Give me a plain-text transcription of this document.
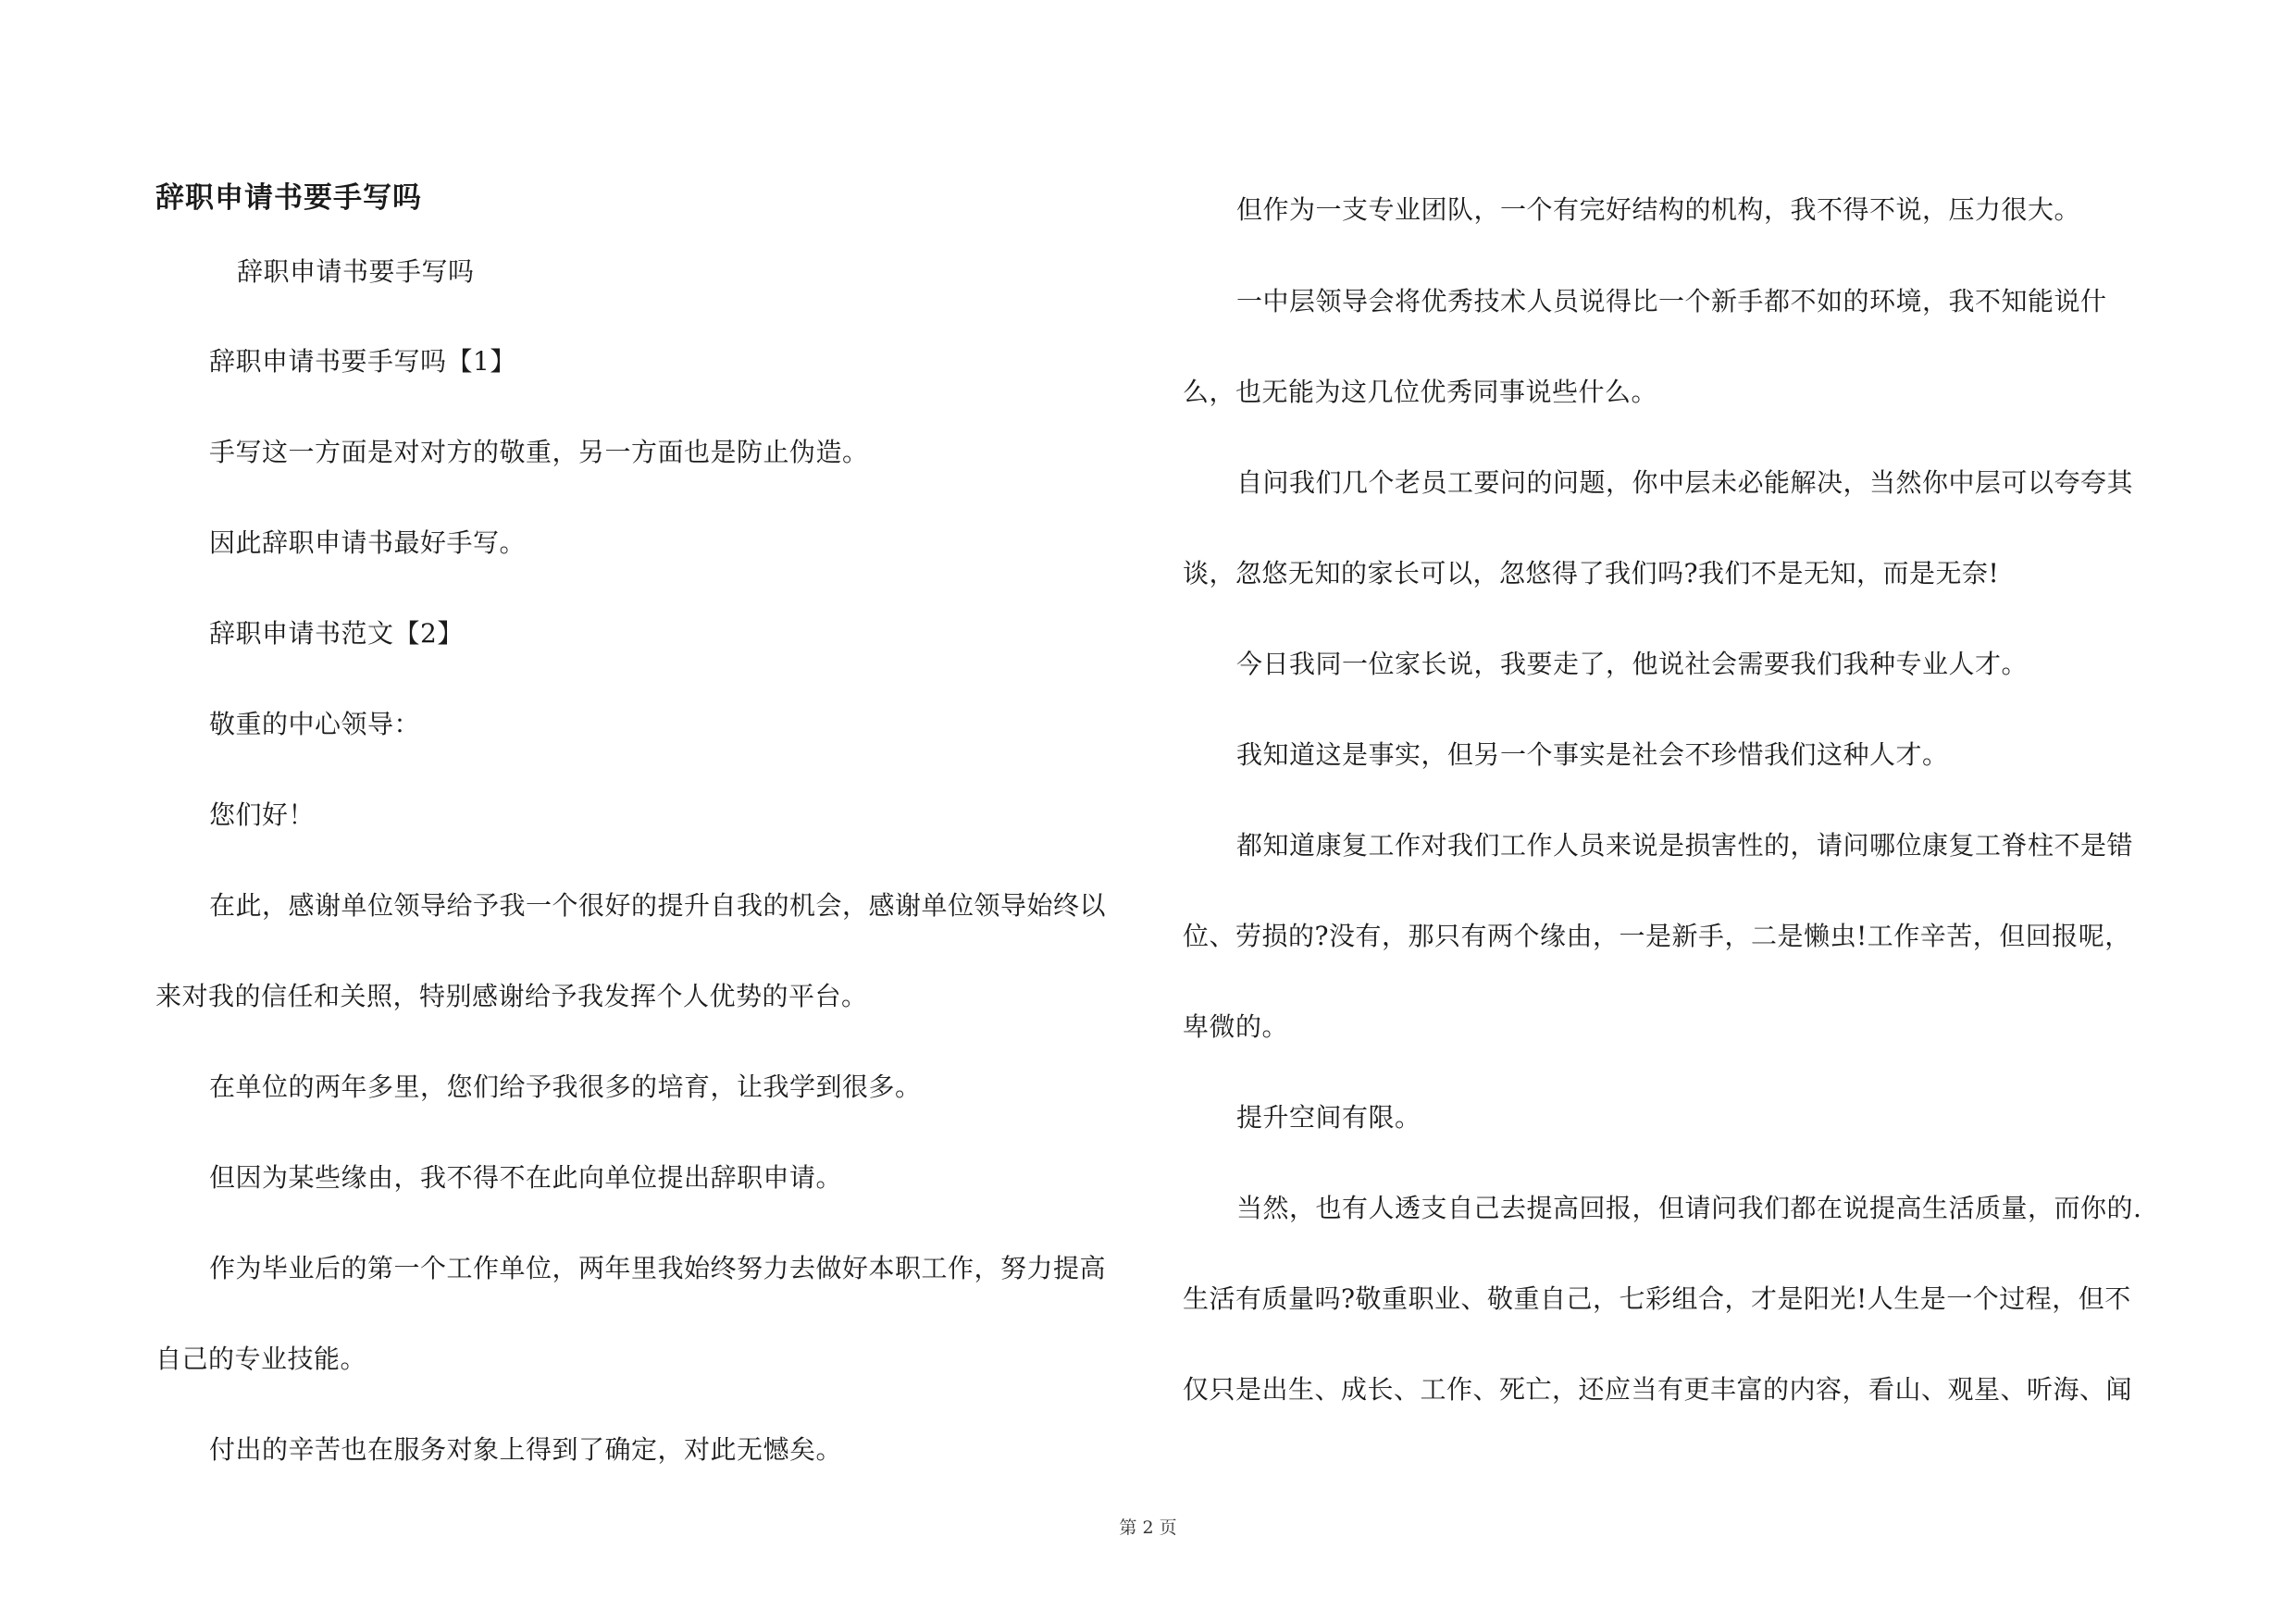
辞职申请书要手写吗
辞职申请书要手写吗
辞职申请书要手写吗【1】
手写这一方面是对对方的敬重，另一方面也是防止伪造。
因此辞职申请书最好手写。
辞职申请书范文【2】
敬重的中心领导：
您们好！
在此，感谢单位领导给予我一个很好的提升自我的机会，感谢单位领导始终以
来对我的信任和关照，特别感谢给予我发挥个人优势的平台。
在单位的两年多里，您们给予我很多的培育，让我学到很多。
但因为某些缘由，我不得不在此向单位提出辞职申请。
作为毕业后的第一个工作单位，两年里我始终努力去做好本职工作，努力提高
自己的专业技能。
付出的辛苦也在服务对象上得到了确定，对此无憾矣。
但作为一支专业团队，一个有完好结构的机构，我不得不说，压力很大。
一中层领导会将优秀技术人员说得比一个新手都不如的环境，我不知能说什
么，也无能为这几位优秀同事说些什么。
自问我们几个老员工要问的问题，你中层未必能解决，当然你中层可以夸夸其
谈，忽悠无知的家长可以，忽悠得了我们吗?我们不是无知，而是无奈!
今日我同一位家长说，我要走了，他说社会需要我们我种专业人才。
我知道这是事实，但另一个事实是社会不珍惜我们这种人才。
都知道康复工作对我们工作人员来说是损害性的，请问哪位康复工脊柱不是错
位、劳损的?没有，那只有两个缘由，一是新手，二是懒虫!工作辛苦，但回报呢，
卑微的。
提升空间有限。
当然，也有人透支自己去提高回报，但请问我们都在说提高生活质量，而你的.
生活有质量吗?敬重职业、敬重自己，七彩组合，才是阳光!人生是一个过程，但不
仅只是出生、成长、工作、死亡，还应当有更丰富的内容，看山、观星、听海、闻
第 2 页
